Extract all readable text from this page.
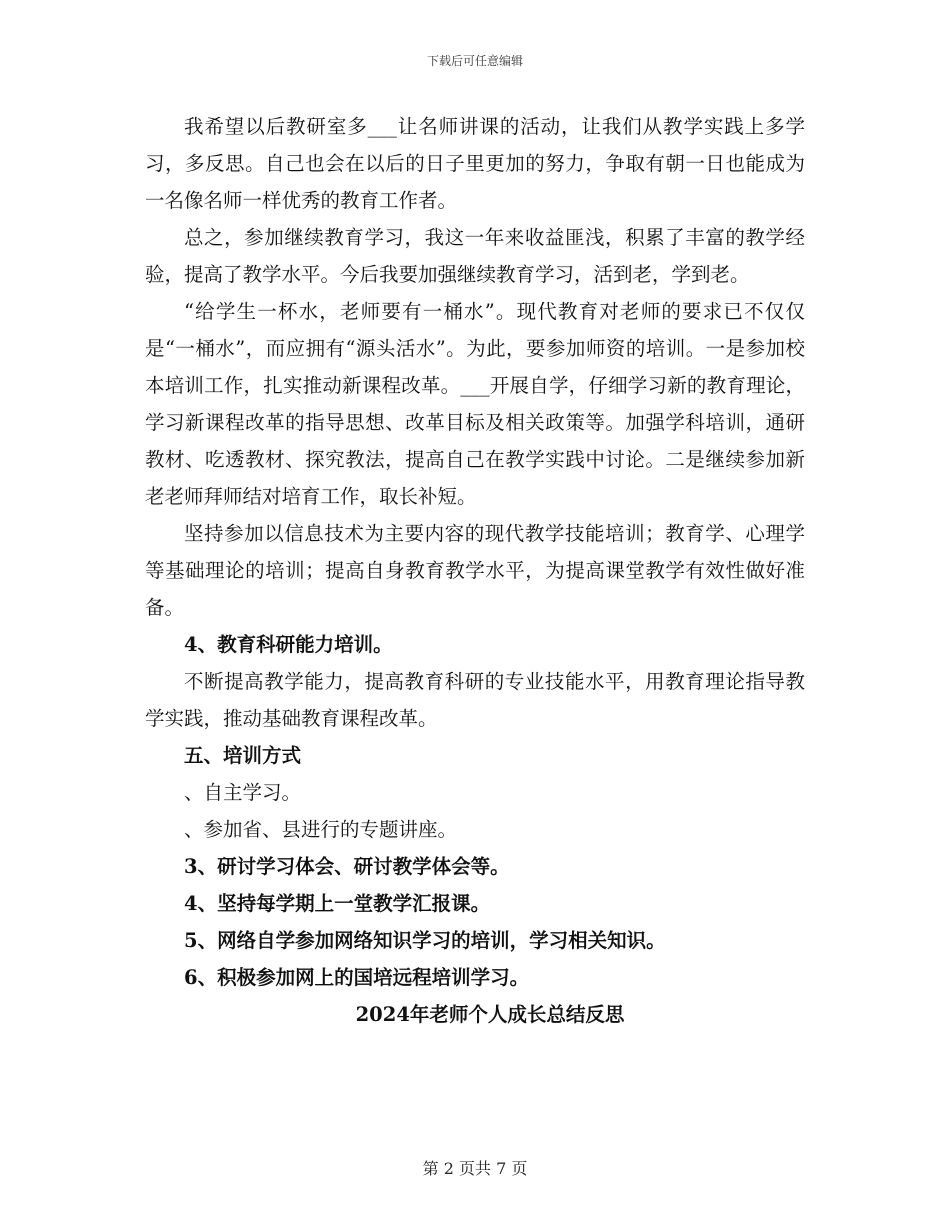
下载后可任意编辑

我希望以后教研室多___让名师讲课的活动，让我们从教学实践上多学习，多反思。自己也会在以后的日子里更加的努力，争取有朝一日也能成为一名像名师一样优秀的教育工作者。

总之，参加继续教育学习，我这一年来收益匪浅，积累了丰富的教学经验，提高了教学水平。今后我要加强继续教育学习，活到老，学到老。

“给学生一杯水，老师要有一桶水”。现代教育对老师的要求已不仅仅是“一桶水”，而应拥有“源头活水”。为此，要参加师资的培训。一是参加校本培训工作，扎实推动新课程改革。___开展自学，仔细学习新的教育理论，学习新课程改革的指导思想、改革目标及相关政策等。加强学科培训，通研教材、吃透教材、探究教法，提高自己在教学实践中讨论。二是继续参加新老老师拜师结对培育工作，取长补短。

坚持参加以信息技术为主要内容的现代教学技能培训；教育学、心理学等基础理论的培训；提高自身教育教学水平，为提高课堂教学有效性做好准备。

4、教育科研能力培训。

不断提高教学能力，提高教育科研的专业技能水平，用教育理论指导教学实践，推动基础教育课程改革。

五、培训方式

、自主学习。

、参加省、县进行的专题讲座。

3、研讨学习体会、研讨教学体会等。

4、坚持每学期上一堂教学汇报课。

5、网络自学参加网络知识学习的培训，学习相关知识。

6、积极参加网上的国培远程培训学习。

2024年老师个人成长总结反思

第 2 页共 7 页
